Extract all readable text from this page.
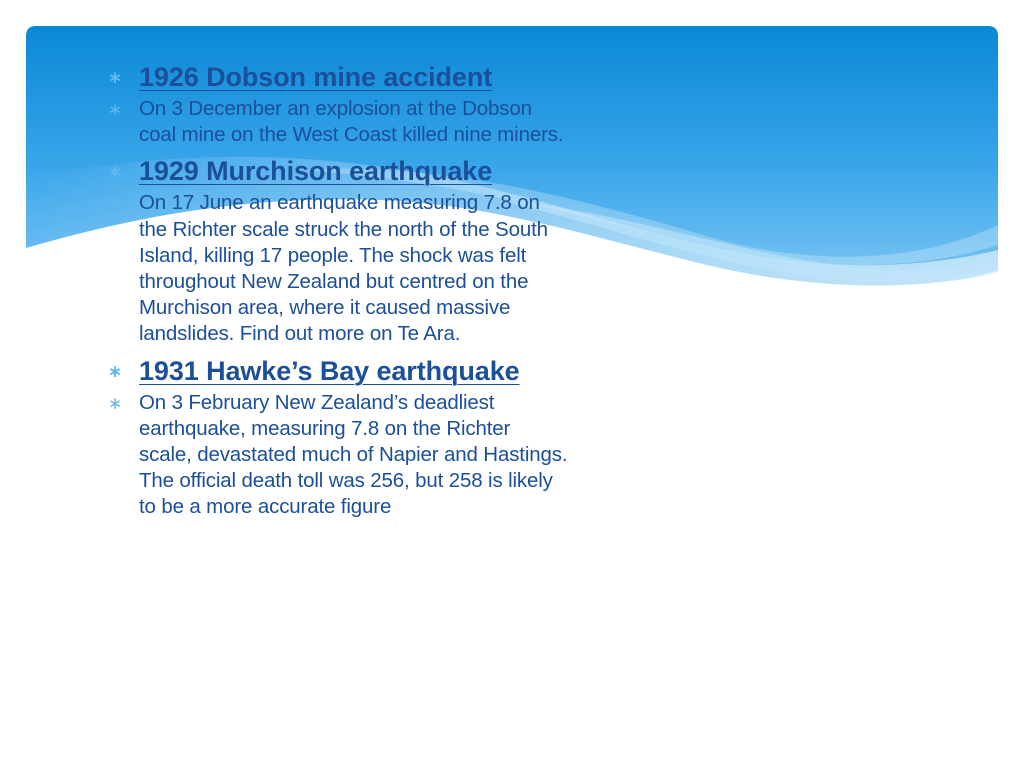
∗ 1926 Dobson mine accident
∗ On 3 December an explosion at the Dobson coal mine on the West Coast killed nine miners.
∗ 1929 Murchison earthquake
∗ On 17 June an earthquake measuring 7.8 on the Richter scale struck the north of the South Island, killing 17 people. The shock was felt throughout New Zealand but centred on the Murchison area, where it caused massive landslides. Find out more on Te Ara.
∗ 1931 Hawke’s Bay earthquake
∗ On 3 February New Zealand’s deadliest earthquake, measuring 7.8 on the Richter scale, devastated much of Napier and Hastings. The official death toll was 256, but 258 is likely to be a more accurate figure
